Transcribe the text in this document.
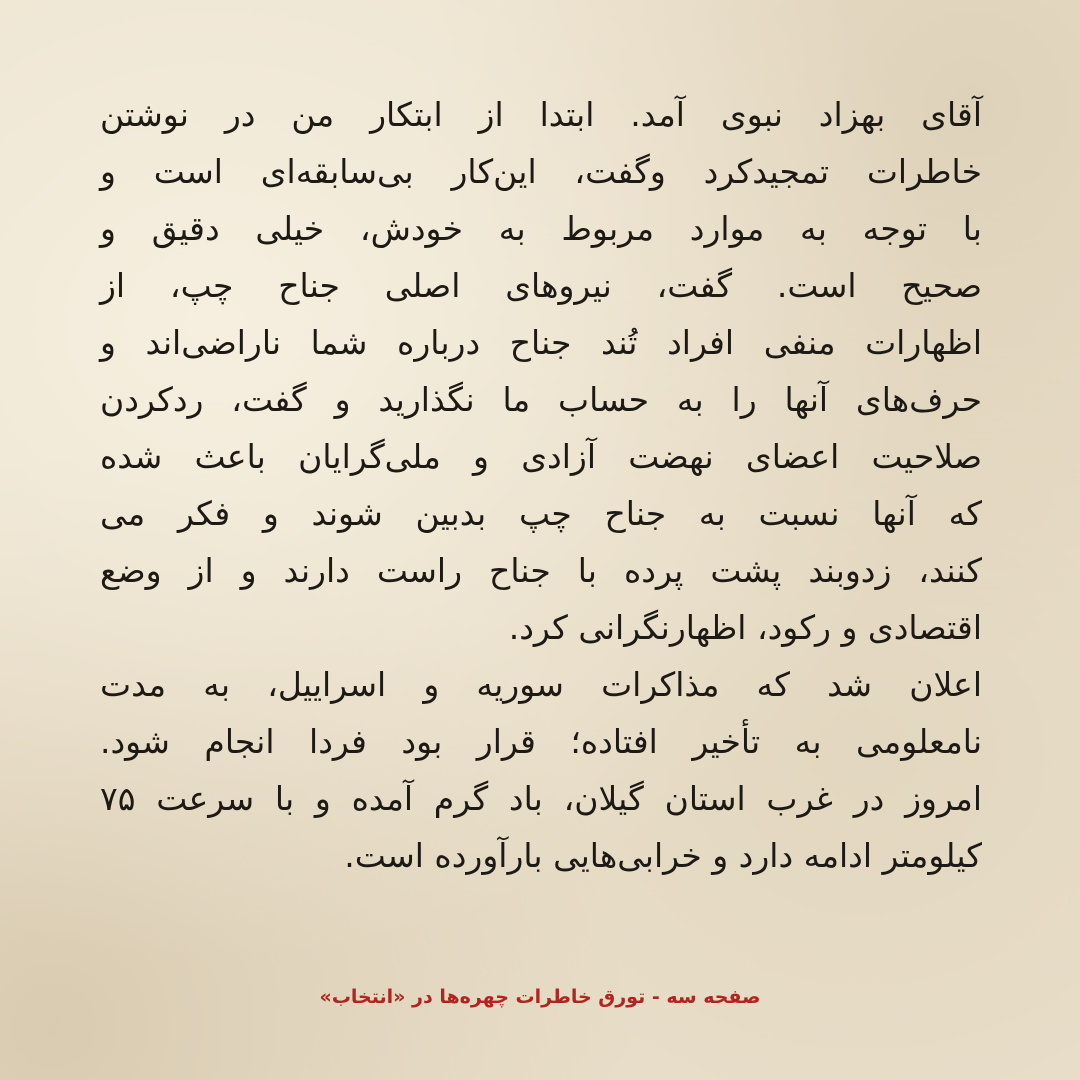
آقای بهزاد نبوی آمد. ابتدا از ابتکار من در نوشتن
خاطرات تمجیدکرد وگفت، این‌کار بی‌سابقه‌ای است و
با توجه به موارد مربوط به خودش، خیلی دقیق و
صحیح است. گفت، نیروهای اصلی جناح چپ، از
اظهارات منفی افراد تُند جناح درباره شما ناراضی‌اند و
حرف‌های آنها را به حساب ما نگذارید و گفت، ردکردن
صلاحیت اعضای نهضت آزادی و ملی‌گرایان باعث شده
که آنها نسبت به جناح چپ بدبین شوند و فکر می
کنند، زدوبند پشت پرده با جناح راست دارند و از وضع
اقتصادی و رکود، اظهارنگرانی کرد.
اعلان شد که مذاکرات سوریه و اسراییل، به مدت
نامعلومی به تأخیر افتاده؛ قرار بود فردا انجام شود.
امروز در غرب استان گیلان، باد گرم آمده و با سرعت ۷۵
کیلومتر ادامه دارد و خرابی‌هایی بارآورده است.
صفحه سه - تورق خاطرات چهره‌ها در «انتخاب»
